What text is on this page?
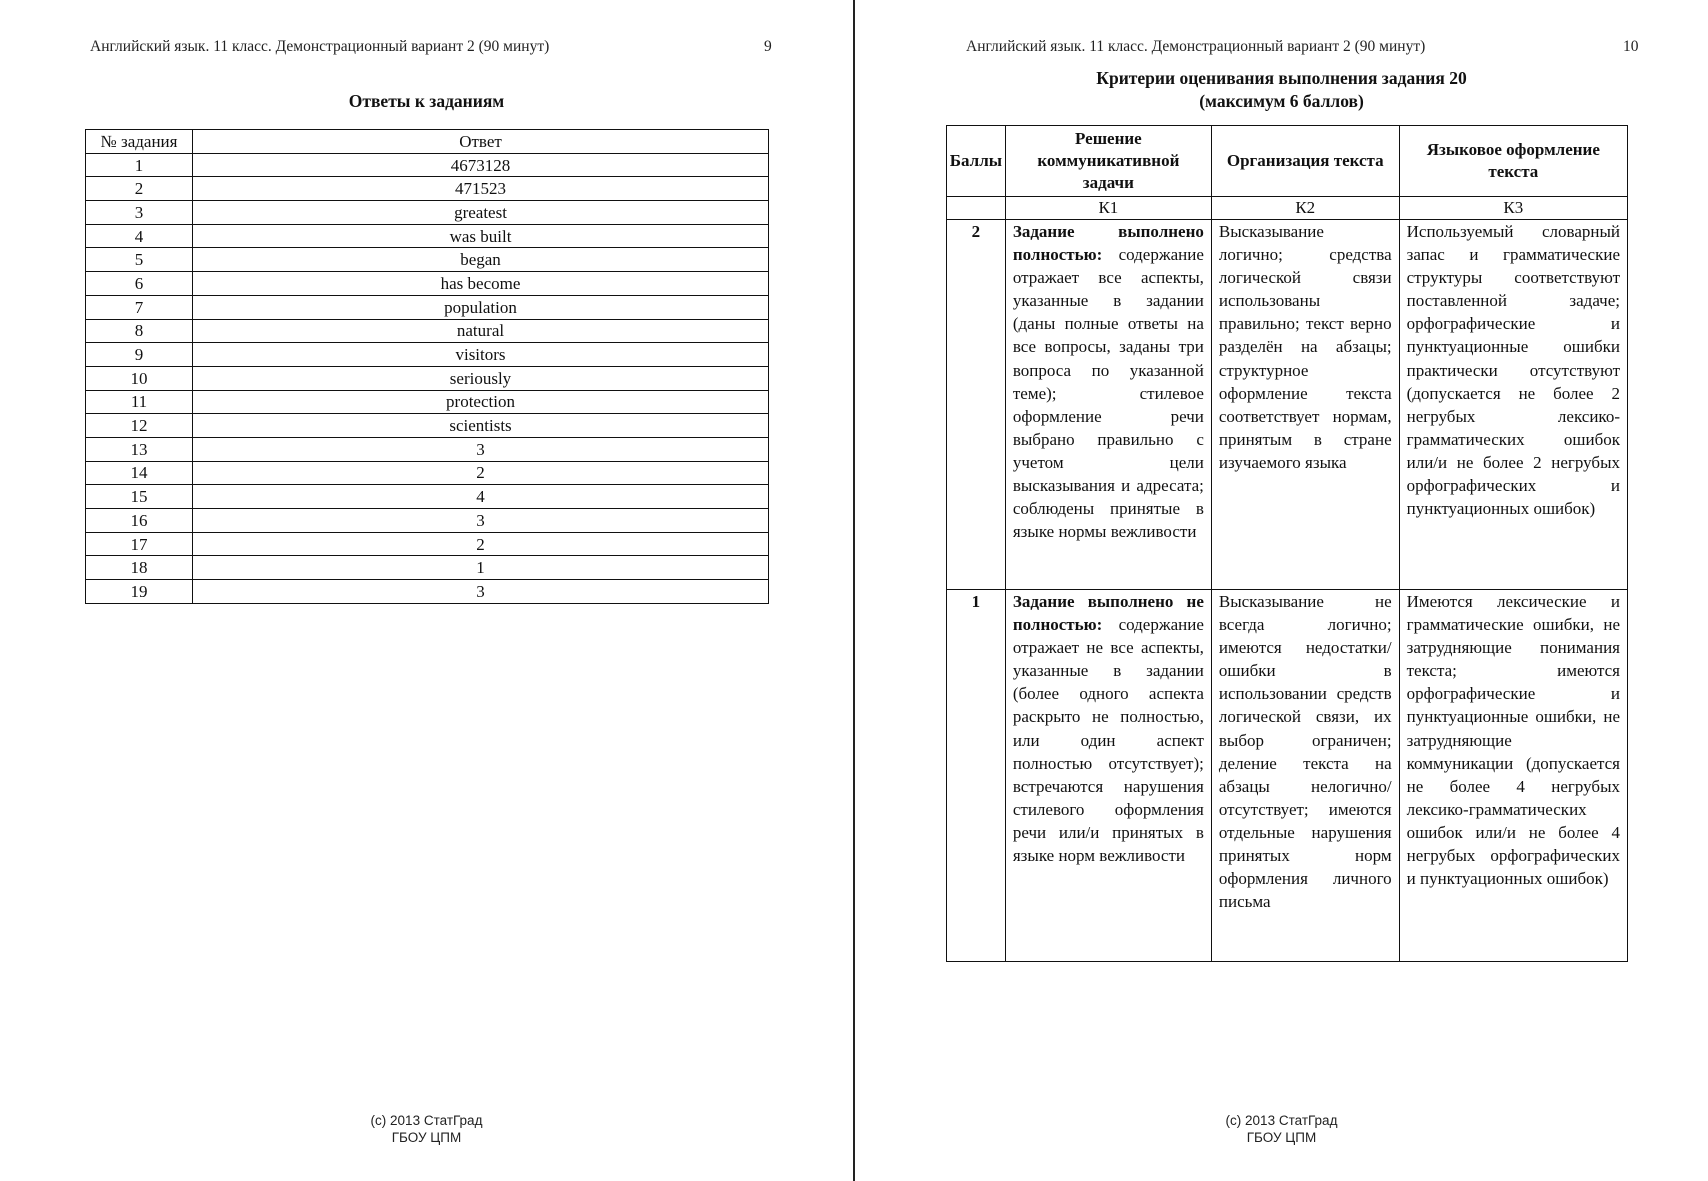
Английский язык. 11 класс. Демонстрационный вариант 2 (90 минут)	9
Ответы к заданиям
№ задания	Ответ
1	4673128
2	471523
3	greatest
4	was built
5	began
6	has become
7	population
8	natural
9	visitors
10	seriously
11	protection
12	scientists
13	3
14	2
15	4
16	3
17	2
18	1
19	3
(c) 2013 СтатГрад
ГБОУ ЦПМ
Английский язык. 11 класс. Демонстрационный вариант 2 (90 минут)	10
Критерии оценивания выполнения задания 20
(максимум 6 баллов)
Баллы	Решение коммуникативной задачи	Организация текста	Языковое оформление текста
	К1	К2	К3
2	Задание выполнено полностью: содержание отражает все аспекты, указанные в задании (даны полные ответы на все вопросы, заданы три вопроса по указанной теме); стилевое оформление речи выбрано правильно с учетом цели высказывания и адресата; соблюдены принятые в языке нормы вежливости	Высказывание логично; средства логической связи использованы правильно; текст верно разделён на абзацы; структурное оформление текста соответствует нормам, принятым в стране изучаемого языка	Используемый словарный запас и грамматические структуры соответствуют поставленной задаче; орфографические и пунктуационные ошибки практически отсутствуют (допускается не более 2 негрубых лексико-грамматических ошибок или/и не более 2 негрубых орфографических и пунктуационных ошибок)
1	Задание выполнено не полностью: содержание отражает не все аспекты, указанные в задании (более одного аспекта раскрыто не полностью, или один аспект полностью отсутствует); встречаются нарушения стилевого оформления речи или/и принятых в языке норм вежливости	Высказывание не всегда логично; имеются недостатки/ошибки в использовании средств логической связи, их выбор ограничен; деление текста на абзацы нелогично/отсутствует; имеются отдельные нарушения принятых норм оформления личного письма	Имеются лексические и грамматические ошибки, не затрудняющие понимания текста; имеются орфографические и пунктуационные ошибки, не затрудняющие коммуникации (допускается не более 4 негрубых лексико-грамматических ошибок или/и не более 4 негрубых орфографических и пунктуационных ошибок)
(c) 2013 СтатГрад
ГБОУ ЦПМ
